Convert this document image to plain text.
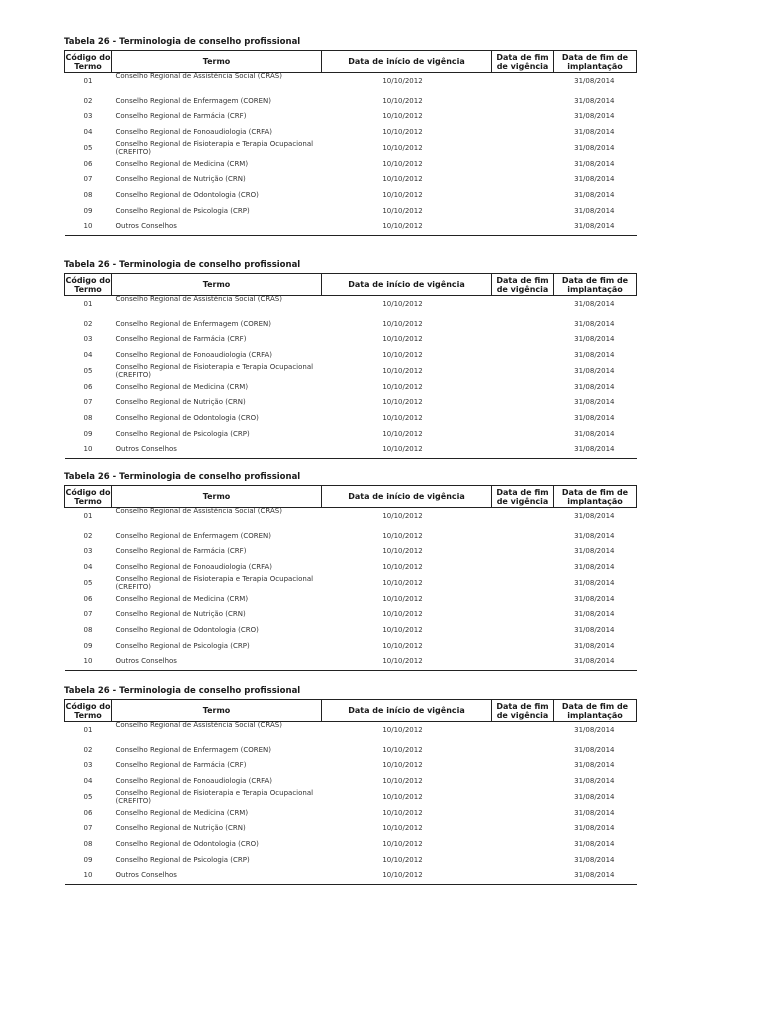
Tabela 26 - Terminologia de conselho profissional
Código do Termo	Termo	Data de início de vigência	Data de fim de vigência	Data de fim de implantação
01	Conselho Regional de Assistência Social (CRAS)	10/10/2012		31/08/2014
02	Conselho Regional de Enfermagem (COREN)	10/10/2012		31/08/2014
03	Conselho Regional de Farmácia (CRF)	10/10/2012		31/08/2014
04	Conselho Regional de Fonoaudiologia (CRFA)	10/10/2012		31/08/2014
05	Conselho Regional de Fisioterapia e Terapia Ocupacional (CREFITO)	10/10/2012		31/08/2014
06	Conselho Regional de Medicina (CRM)	10/10/2012		31/08/2014
07	Conselho Regional de Nutrição (CRN)	10/10/2012		31/08/2014
08	Conselho Regional de Odontologia (CRO)	10/10/2012		31/08/2014
09	Conselho Regional de Psicologia (CRP)	10/10/2012		31/08/2014
10	Outros Conselhos	10/10/2012		31/08/2014
Tabela 26 - Terminologia de conselho profissional
Código do Termo	Termo	Data de início de vigência	Data de fim de vigência	Data de fim de implantação
01	Conselho Regional de Assistência Social (CRAS)	10/10/2012		31/08/2014
02	Conselho Regional de Enfermagem (COREN)	10/10/2012		31/08/2014
03	Conselho Regional de Farmácia (CRF)	10/10/2012		31/08/2014
04	Conselho Regional de Fonoaudiologia (CRFA)	10/10/2012		31/08/2014
05	Conselho Regional de Fisioterapia e Terapia Ocupacional (CREFITO)	10/10/2012		31/08/2014
06	Conselho Regional de Medicina (CRM)	10/10/2012		31/08/2014
07	Conselho Regional de Nutrição (CRN)	10/10/2012		31/08/2014
08	Conselho Regional de Odontologia (CRO)	10/10/2012		31/08/2014
09	Conselho Regional de Psicologia (CRP)	10/10/2012		31/08/2014
10	Outros Conselhos	10/10/2012		31/08/2014
Tabela 26 - Terminologia de conselho profissional
Código do Termo	Termo	Data de início de vigência	Data de fim de vigência	Data de fim de implantação
01	Conselho Regional de Assistência Social (CRAS)	10/10/2012		31/08/2014
02	Conselho Regional de Enfermagem (COREN)	10/10/2012		31/08/2014
03	Conselho Regional de Farmácia (CRF)	10/10/2012		31/08/2014
04	Conselho Regional de Fonoaudiologia (CRFA)	10/10/2012		31/08/2014
05	Conselho Regional de Fisioterapia e Terapia Ocupacional (CREFITO)	10/10/2012		31/08/2014
06	Conselho Regional de Medicina (CRM)	10/10/2012		31/08/2014
07	Conselho Regional de Nutrição (CRN)	10/10/2012		31/08/2014
08	Conselho Regional de Odontologia (CRO)	10/10/2012		31/08/2014
09	Conselho Regional de Psicologia (CRP)	10/10/2012		31/08/2014
10	Outros Conselhos	10/10/2012		31/08/2014
Tabela 26 - Terminologia de conselho profissional
Código do Termo	Termo	Data de início de vigência	Data de fim de vigência	Data de fim de implantação
01	Conselho Regional de Assistência Social (CRAS)	10/10/2012		31/08/2014
02	Conselho Regional de Enfermagem (COREN)	10/10/2012		31/08/2014
03	Conselho Regional de Farmácia (CRF)	10/10/2012		31/08/2014
04	Conselho Regional de Fonoaudiologia (CRFA)	10/10/2012		31/08/2014
05	Conselho Regional de Fisioterapia e Terapia Ocupacional (CREFITO)	10/10/2012		31/08/2014
06	Conselho Regional de Medicina (CRM)	10/10/2012		31/08/2014
07	Conselho Regional de Nutrição (CRN)	10/10/2012		31/08/2014
08	Conselho Regional de Odontologia (CRO)	10/10/2012		31/08/2014
09	Conselho Regional de Psicologia (CRP)	10/10/2012		31/08/2014
10	Outros Conselhos	10/10/2012		31/08/2014
